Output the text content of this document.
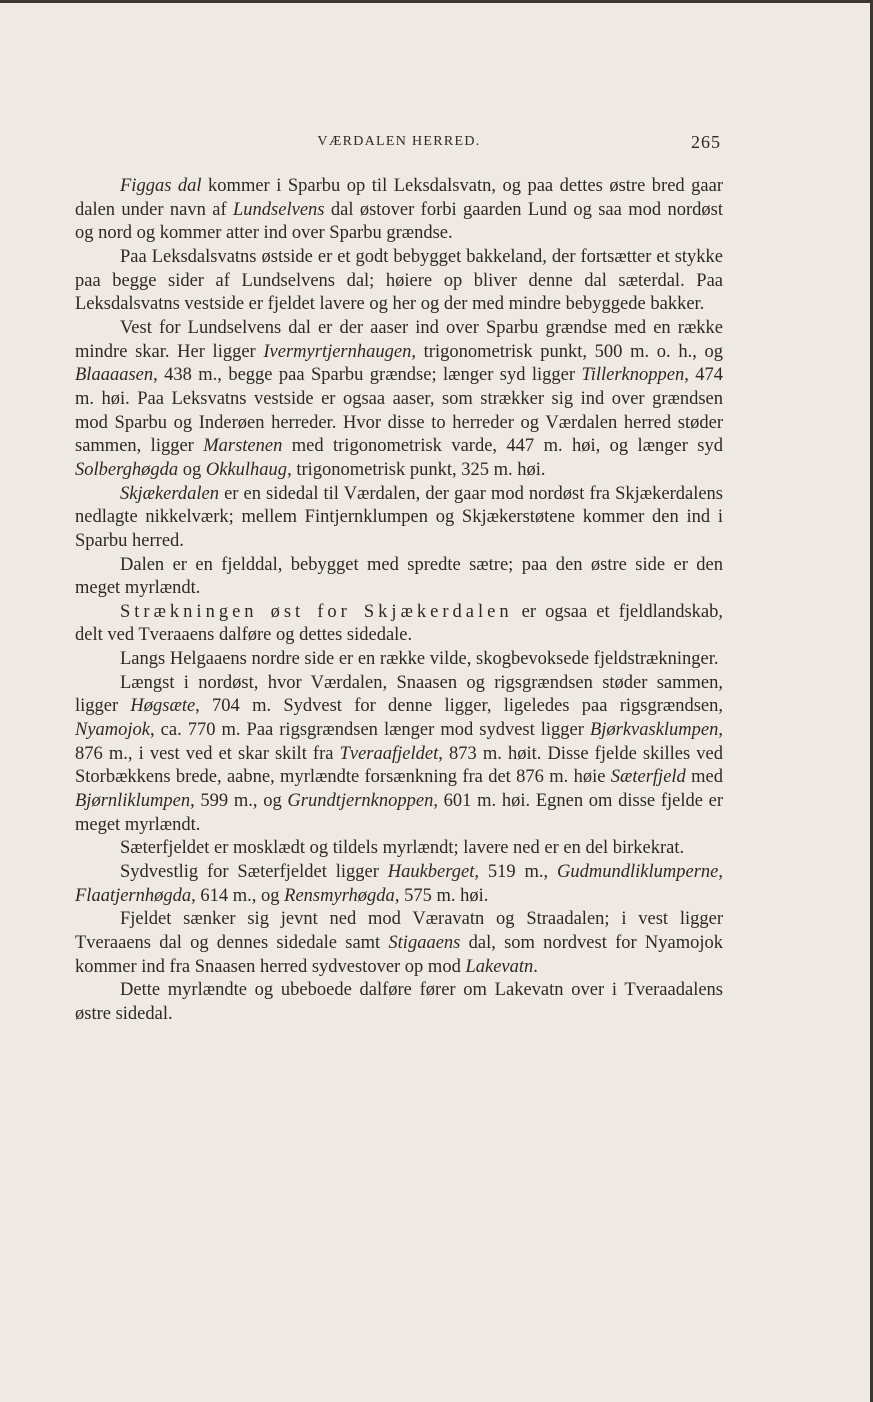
VÆRDALEN HERRED.	265

Figgas dal kommer i Sparbu op til Leksdalsvatn, og paa dettes østre bred gaar dalen under navn af Lundselvens dal østover forbi gaarden Lund og saa mod nordøst og nord og kommer atter ind over Sparbu grændse.

Paa Leksdalsvatns østside er et godt bebygget bakkeland, der fortsætter et stykke paa begge sider af Lundselvens dal; høiere op bliver denne dal sæterdal. Paa Leksdalsvatns vestside er fjeldet lavere og her og der med mindre bebyggede bakker.

Vest for Lundselvens dal er der aaser ind over Sparbu grændse med en række mindre skar. Her ligger Ivermyrtjernhaugen, trigonometrisk punkt, 500 m. o. h., og Blaaaasen, 438 m., begge paa Sparbu grændse; længer syd ligger Tillerknoppen, 474 m. høi. Paa Leksvatns vestside er ogsaa aaser, som strækker sig ind over grændsen mod Sparbu og Inderøen herreder. Hvor disse to herreder og Værdalen herred støder sammen, ligger Marstenen med trigonometrisk varde, 447 m. høi, og længer syd Solberghøgda og Okkulhaug, trigonometrisk punkt, 325 m. høi.

Skjækerdalen er en sidedal til Værdalen, der gaar mod nordøst fra Skjækerdalens nedlagte nikkelværk; mellem Fintjernklumpen og Skjækerstøtene kommer den ind i Sparbu herred.

Dalen er en fjelddal, bebygget med spredte sætre; paa den østre side er den meget myrlændt.

Strækningen øst for Skjækerdalen er ogsaa et fjeldlandskab, delt ved Tveraaens dalføre og dettes sidedale.

Langs Helgaaens nordre side er en række vilde, skogbevoksede fjeldstrækninger.

Længst i nordøst, hvor Værdalen, Snaasen og rigsgrændsen støder sammen, ligger Høgsæte, 704 m. Sydvest for denne ligger, ligeledes paa rigsgrændsen, Nyamojok, ca. 770 m. Paa rigsgrændsen længer mod sydvest ligger Bjørkvasklumpen, 876 m., i vest ved et skar skilt fra Tveraafjeldet, 873 m. høit. Disse fjelde skilles ved Storbækkens brede, aabne, myrlændte forsænkning fra det 876 m. høie Sæterfjeld med Bjørnliklumpen, 599 m., og Grundtjernknoppen, 601 m. høi. Egnen om disse fjelde er meget myrlændt.

Sæterfjeldet er mosklædt og tildels myrlændt; lavere ned er en del birkekrat.

Sydvestlig for Sæterfjeldet ligger Haukberget, 519 m., Gudmundliklumperne, Flaatjernhøgda, 614 m., og Rensmyrhøgda, 575 m. høi.

Fjeldet sænker sig jevnt ned mod Væravatn og Straadalen; i vest ligger Tveraaens dal og dennes sidedale samt Stigaaens dal, som nordvest for Nyamojok kommer ind fra Snaasen herred sydvestover op mod Lakevatn.

Dette myrlændte og ubeboede dalføre fører om Lakevatn over i Tveraadalens østre sidedal.
